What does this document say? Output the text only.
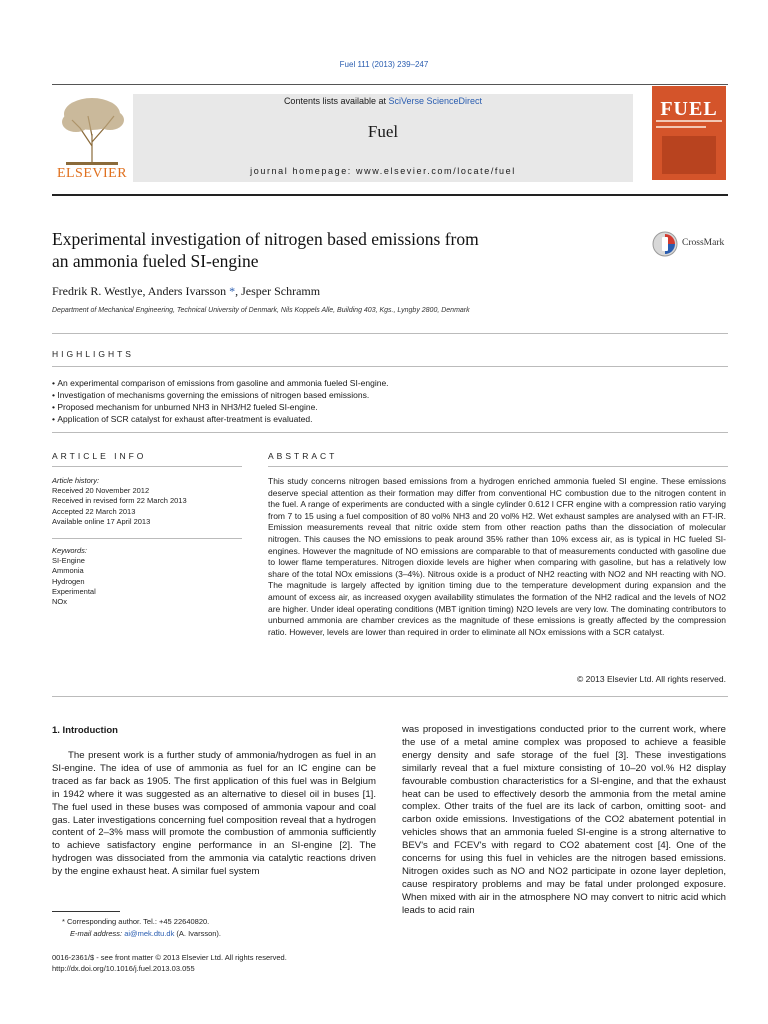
Fuel 111 (2013) 239–247
ELSEVIER
Contents lists available at SciVerse ScienceDirect
Fuel
journal homepage: www.elsevier.com/locate/fuel
FUEL
Experimental investigation of nitrogen based emissions from
an ammonia fueled SI-engine
CrossMark
Fredrik R. Westlye, Anders Ivarsson *, Jesper Schramm
Department of Mechanical Engineering, Technical University of Denmark, Nils Koppels Alle, Building 403, Kgs., Lyngby 2800, Denmark
HIGHLIGHTS
• An experimental comparison of emissions from gasoline and ammonia fueled SI-engine.
• Investigation of mechanisms governing the emissions of nitrogen based emissions.
• Proposed mechanism for unburned NH3 in NH3/H2 fueled SI-engine.
• Application of SCR catalyst for exhaust after-treatment is evaluated.
ARTICLE INFO
Article history:
Received 20 November 2012
Received in revised form 22 March 2013
Accepted 22 March 2013
Available online 17 April 2013
Keywords:
SI-Engine
Ammonia
Hydrogen
Experimental
NOx
ABSTRACT
This study concerns nitrogen based emissions from a hydrogen enriched ammonia fueled SI engine. These emissions deserve special attention as their formation may differ from conventional HC combustion due to the nitrogen content in the fuel. A range of experiments are conducted with a single cylinder 0.612 l CFR engine with a compression ratio varying from 7 to 15 using a fuel composition of 80 vol% NH3 and 20 vol% H2. Wet exhaust samples are analysed with an FT-IR. Emission measurements reveal that nitric oxide stem from other reaction paths than the dissociation of molecular nitrogen. This causes the NO emissions to peak around 35% rather than 10% excess air, as is typical in HC fueled SI-engines. However the magnitude of NO emissions are comparable to that of measurements conducted with gasoline due to lower flame temperatures. Nitrogen dioxide levels are higher when comparing with gasoline, but has a relatively low share of the total NOx emissions (3–4%). Nitrous oxide is a product of NH2 reacting with NO2 and NH reacting with NO. The magnitude is largely affected by ignition timing due to the temperature development during expansion and the amount of excess air, as increased oxygen availability stimulates the formation of the NH2 radical and the levels of NO2 are higher. Under ideal operating conditions (MBT ignition timing) N2O levels are very low. The dominating contributors to unburned ammonia are chamber crevices as the magnitude of these emissions is greatly affected by the compression ratio. However, levels are lower than required in order to eliminate all NOx emissions with a SCR catalyst.
© 2013 Elsevier Ltd. All rights reserved.
1. Introduction

The present work is a further study of ammonia/hydrogen as fuel in an SI-engine. The idea of use of ammonia as fuel for an IC engine can be traced as far back as 1905. The first application of this fuel was in Belgium in 1942 where it was suggested as an alternative to diesel oil in buses [1]. The fuel used in these buses was composed of ammonia vapour and coal gas. Later investigations concerning fuel composition reveal that a hydrogen content of 2–3% mass will promote the combustion of ammonia sufficiently to achieve satisfactory engine performance in an SI-engine [2]. The hydrogen was dissociated from the ammonia via catalytic reactions driven by the engine exhaust heat. A similar fuel system

was proposed in investigations conducted prior to the current work, where the use of a metal amine complex was proposed to achieve a feasible energy density and safe storage of the fuel [3]. These investigations similarly reveal that a fuel mixture consisting of 10–20 vol.% H2 display favourable combustion characteristics for a SI-engine, and that the exhaust heat can be used to effectively desorb the ammonia from the metal amine complex. Other traits of the fuel are its lack of carbon, omitting soot- and carbon oxide emissions. Investigations of the CO2 abatement potential in vehicles shows that an ammonia fueled SI-engine is a strong alternative to BEV's and FCEV's with regard to CO2 abatement cost [4]. One of the concerns for using this fuel in vehicles are the nitrogen based emissions. Nitrogen oxides such as NO and NO2 participate in ozone layer depletion, cause respiratory problems and may be fatal under prolonged exposure. When mixed with air in the atmosphere NO may convert to nitric acid which leads to acid rain

* Corresponding author. Tel.: +45 22640820.
E-mail address: ai@mek.dtu.dk (A. Ivarsson).
0016-2361/$ - see front matter © 2013 Elsevier Ltd. All rights reserved.
http://dx.doi.org/10.1016/j.fuel.2013.03.055
